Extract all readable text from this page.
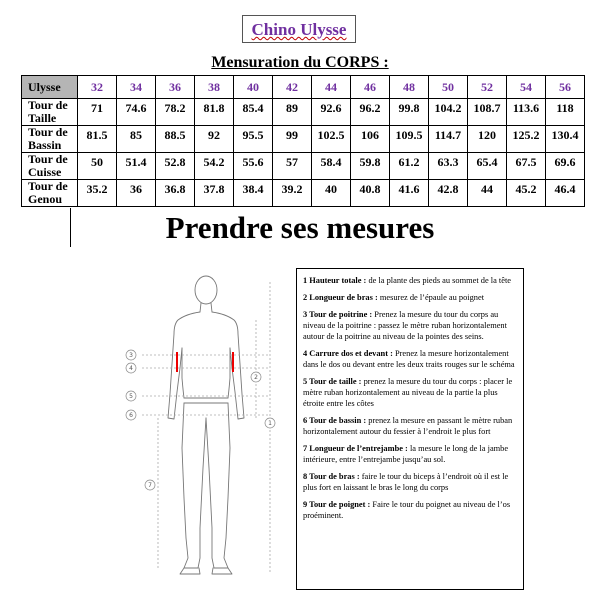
Chino Ulysse
Mensuration du CORPS :
Ulysse	32	34	36	38	40	42	44	46	48	50	52	54	56
Tour de
Taille	71	74.6	78.2	81.8	85.4	89	92.6	96.2	99.8	104.2	108.7	113.6	118
Tour de
Bassin	81.5	85	88.5	92	95.5	99	102.5	106	109.5	114.7	120	125.2	130.4
Tour de
Cuisse	50	51.4	52.8	54.2	55.6	57	58.4	59.8	61.2	63.3	65.4	67.5	69.6
Tour de
Genou	35.2	36	36.8	37.8	38.4	39.2	40	40.8	41.6	42.8	44	45.2	46.4
Prendre ses mesures
3
4
5
6
2
1
7

1 Hauteur totale : de la plante des pieds au sommet de la tête

2 Longueur de bras : mesurez de l’épaule au poignet

3 Tour de poitrine : Prenez la mesure du tour du corps au niveau de la poitrine : passez le mètre ruban horizontalement autour de la poitrine au niveau de la pointes des seins.

4 Carrure dos et devant : Prenez la mesure horizontalement dans le dos ou devant entre les deux traits rouges sur le schéma

5 Tour de taille : prenez la mesure du tour du corps : placer le mètre ruban horizontalement au niveau de la partie la plus étroite entre les côtes

6 Tour de bassin : prenez la mesure en passant le mètre ruban horizontalement autour du fessier à l’endroit le plus fort

7 Longueur de l’entrejambe : la mesure le long de la jambe intérieure, entre l’entrejambe jusqu’au sol.

8 Tour de bras : faire le tour du biceps à l’endroit où il est le plus fort en laissant le bras le long du corps

9 Tour de poignet : Faire le tour du poignet au niveau de l’os proéminent.
